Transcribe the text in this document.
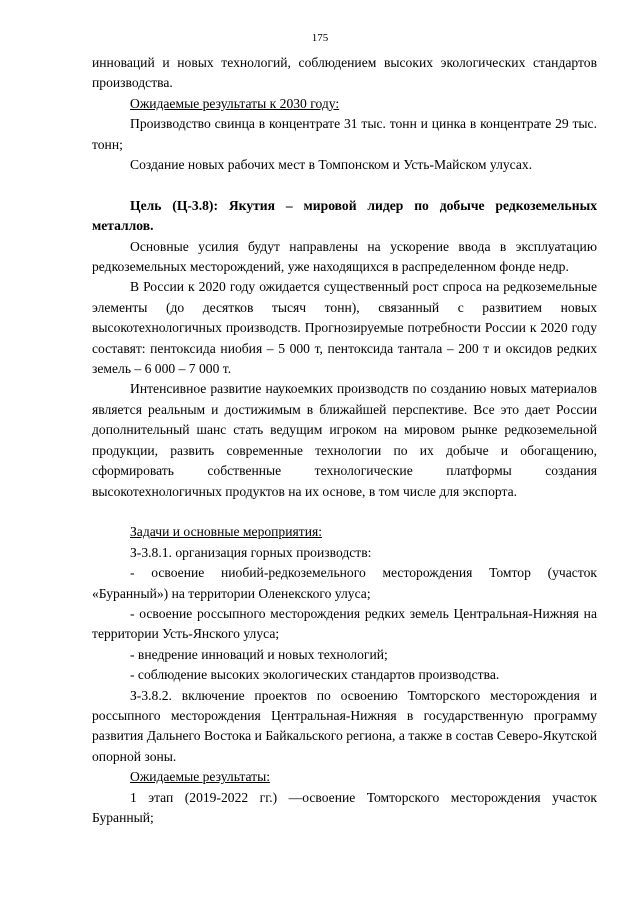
175

инноваций и новых технологий, соблюдением высоких экологических стандартов производства.

Ожидаемые результаты к 2030 году:

Производство свинца в концентрате 31 тыс. тонн и цинка в концентрате 29 тыс. тонн;

Создание новых рабочих мест в Томпонском и Усть-Майском улусах.

Цель (Ц-3.8): Якутия – мировой лидер по добыче редкоземельных металлов.

Основные усилия будут направлены на ускорение ввода в эксплуатацию редкоземельных месторождений, уже находящихся в распределенном фонде недр.

В России к 2020 году ожидается существенный рост спроса на редкоземельные элементы (до десятков тысяч тонн), связанный с развитием новых высокотехнологичных производств. Прогнозируемые потребности России к 2020 году составят: пентоксида ниобия – 5 000 т, пентоксида тантала – 200 т и оксидов редких земель – 6 000 – 7 000 т.

Интенсивное развитие наукоемких производств по созданию новых материалов является реальным и достижимым в ближайшей перспективе. Все это дает России дополнительный шанс стать ведущим игроком на мировом рынке редкоземельной продукции, развить современные технологии по их добыче и обогащению, сформировать собственные технологические платформы создания высокотехнологичных продуктов на их основе, в том числе для экспорта.

Задачи и основные мероприятия:

З-3.8.1. организация горных производств:

- освоение ниобий-редкоземельного месторождения Томтор (участок «Буранный») на территории Оленекского улуса;

- освоение россыпного месторождения редких земель Центральная-Нижняя на территории Усть-Янского улуса;

- внедрение инноваций и новых технологий;

- соблюдение высоких экологических стандартов производства.

З-3.8.2. включение проектов по освоению Томторского месторождения и россыпного месторождения Центральная-Нижняя в государственную программу развития Дальнего Востока и Байкальского региона, а также в состав Северо-Якутской опорной зоны.

Ожидаемые результаты:

1 этап (2019-2022 гг.) —освоение Томторского месторождения участок Буранный;
